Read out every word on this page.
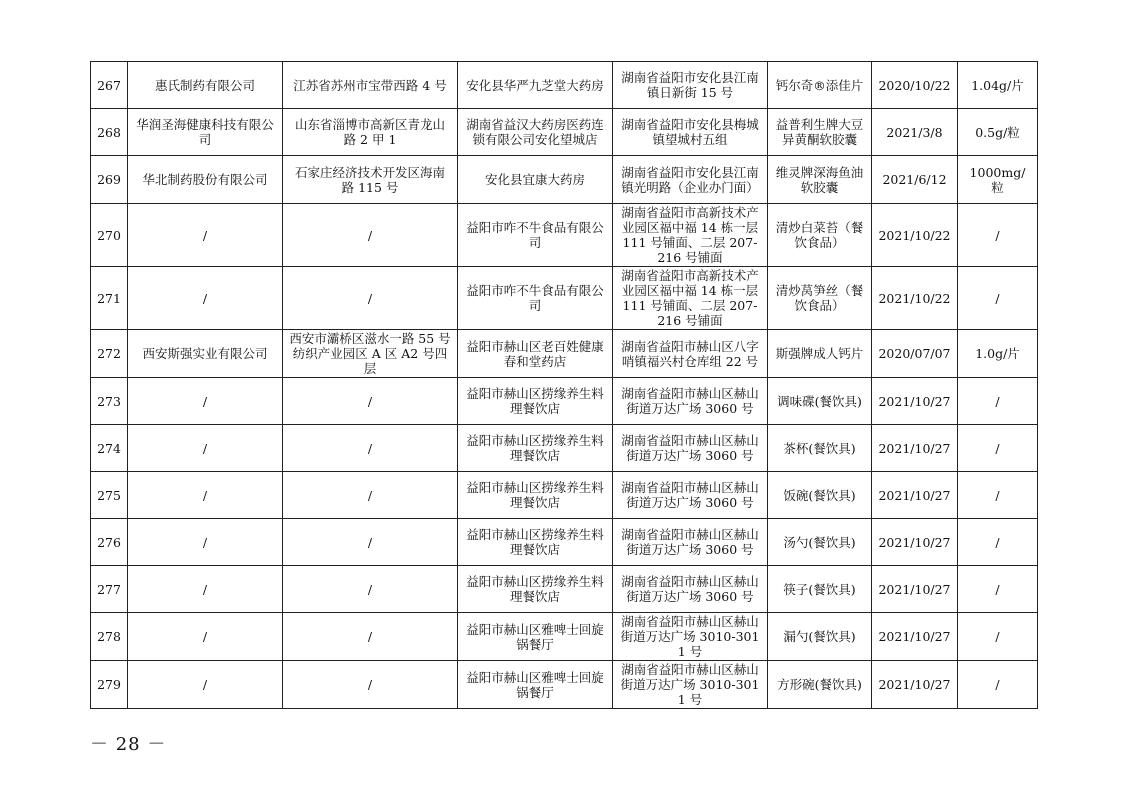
267	惠氏制药有限公司	江苏省苏州市宝带西路 4 号	安化县华严九芝堂大药房	湖南省益阳市安化县江南镇日新街 15 号	钙尔奇®添佳片	2020/10/22	1.04g/片
268	华润圣海健康科技有限公司	山东省淄博市高新区青龙山路 2 甲 1	湖南省益汉大药房医药连锁有限公司安化望城店	湖南省益阳市安化县梅城镇望城村五组	益普利生牌大豆异黄酮软胶囊	2021/3/8	0.5g/粒
269	华北制药股份有限公司	石家庄经济技术开发区海南路 115 号	安化县宜康大药房	湖南省益阳市安化县江南镇光明路（企业办门面）	维灵牌深海鱼油软胶囊	2021/6/12	1000mg/粒
270	/	/	益阳市咋不牛食品有限公司	湖南省益阳市高新技术产业园区福中福 14 栋一层 111 号铺面、二层 207-216 号铺面	清炒白菜苔（餐饮食品）	2021/10/22	/
271	/	/	益阳市咋不牛食品有限公司	湖南省益阳市高新技术产业园区福中福 14 栋一层 111 号铺面、二层 207-216 号铺面	清炒莴笋丝（餐饮食品）	2021/10/22	/
272	西安斯强实业有限公司	西安市灞桥区滋水一路 55 号纺织产业园区 A 区 A2 号四层	益阳市赫山区老百姓健康春和堂药店	湖南省益阳市赫山区八字哨镇福兴村仓库组 22 号	斯强牌成人钙片	2020/07/07	1.0g/片
273	/	/	益阳市赫山区捞缘养生料理餐饮店	湖南省益阳市赫山区赫山街道万达广场 3060 号	调味碟(餐饮具)	2021/10/27	/
274	/	/	益阳市赫山区捞缘养生料理餐饮店	湖南省益阳市赫山区赫山街道万达广场 3060 号	茶杯(餐饮具)	2021/10/27	/
275	/	/	益阳市赫山区捞缘养生料理餐饮店	湖南省益阳市赫山区赫山街道万达广场 3060 号	饭碗(餐饮具)	2021/10/27	/
276	/	/	益阳市赫山区捞缘养生料理餐饮店	湖南省益阳市赫山区赫山街道万达广场 3060 号	汤勺(餐饮具)	2021/10/27	/
277	/	/	益阳市赫山区捞缘养生料理餐饮店	湖南省益阳市赫山区赫山街道万达广场 3060 号	筷子(餐饮具)	2021/10/27	/
278	/	/	益阳市赫山区雅啤士回旋锅餐厅	湖南省益阳市赫山区赫山街道万达广场 3010-3011 号	漏勺(餐饮具)	2021/10/27	/
279	/	/	益阳市赫山区雅啤士回旋锅餐厅	湖南省益阳市赫山区赫山街道万达广场 3010-3011 号	方形碗(餐饮具)	2021/10/27	/
－ 28 －
